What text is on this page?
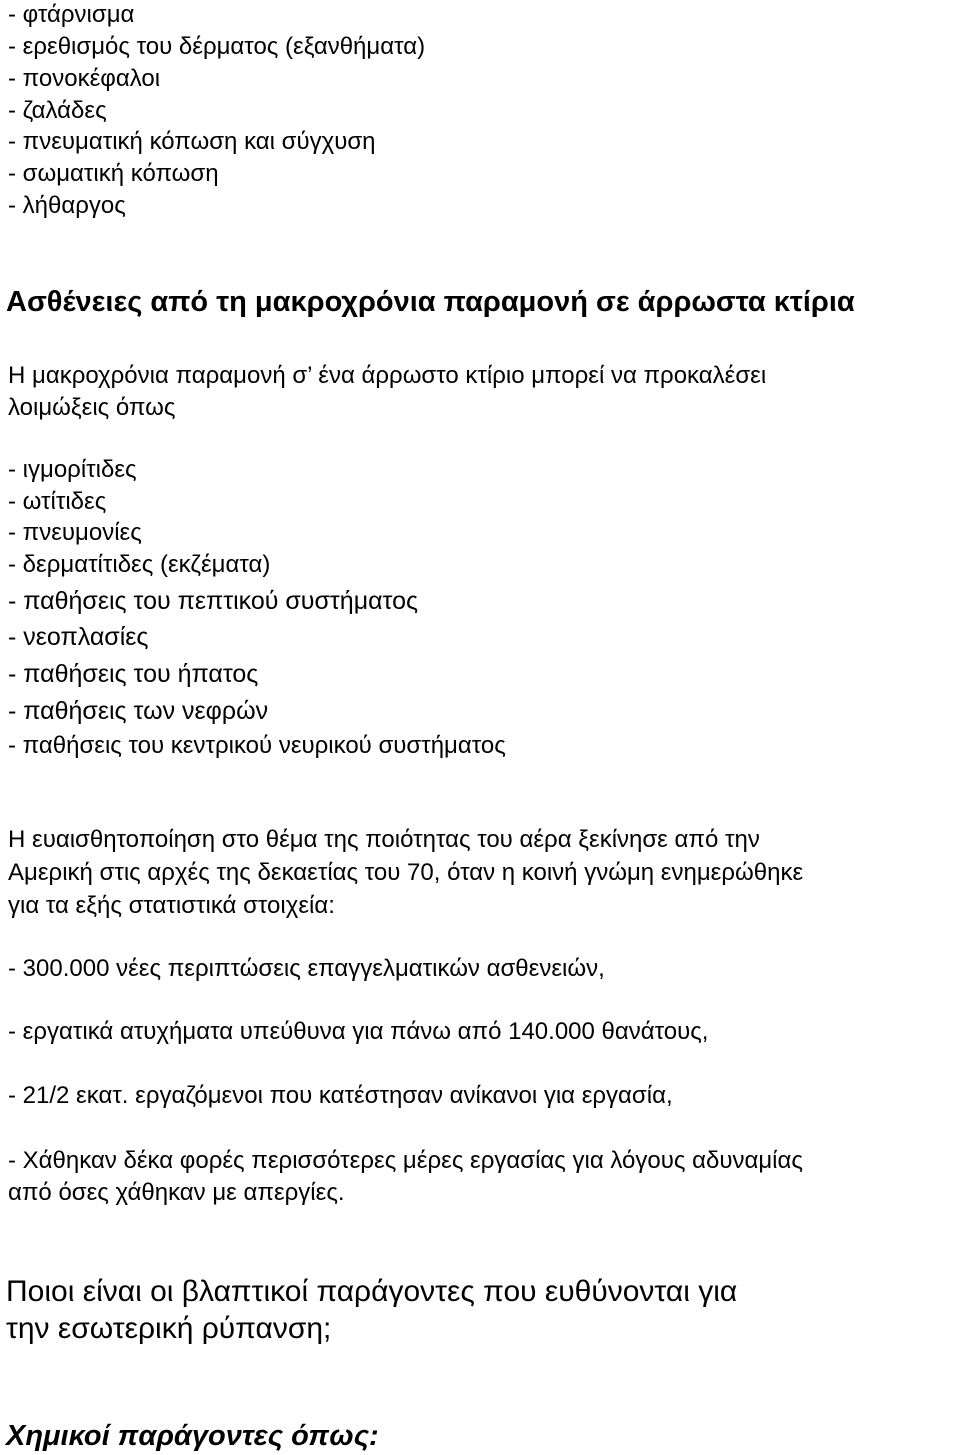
- φτάρνισμα
- ερεθισμός του δέρματος (εξανθήματα)
- πονοκέφαλοι
- ζαλάδες
- πνευματική κόπωση και σύγχυση
- σωματική κόπωση
- λήθαργος
Ασθένειες από τη μακροχρόνια παραμονή σε άρρωστα κτίρια
Η μακροχρόνια παραμονή σ’ ένα άρρωστο κτίριο μπορεί να προκαλέσει
λοιμώξεις όπως
- ιγμορίτιδες
- ωτίτιδες
- πνευμονίες
- δερματίτιδες (εκζέματα)
- παθήσεις του πεπτικού συστήματος
- νεοπλασίες
- παθήσεις του ήπατος
- παθήσεις των νεφρών
- παθήσεις του κεντρικού νευρικού συστήματος
Η ευαισθητοποίηση στο θέμα της ποιότητας του αέρα ξεκίνησε από την
Αμερική στις αρχές της δεκαετίας του 70, όταν η κοινή γνώμη ενημερώθηκε
για τα εξής στατιστικά στοιχεία:
- 300.000 νέες περιπτώσεις επαγγελματικών ασθενειών,
- εργατικά ατυχήματα υπεύθυνα για πάνω από 140.000 θανάτους,
- 21/2 εκατ. εργαζόμενοι που κατέστησαν ανίκανοι για εργασία,
- Χάθηκαν δέκα φορές περισσότερες μέρες εργασίας για λόγους αδυναμίας
από όσες χάθηκαν με απεργίες.
Ποιοι είναι οι βλαπτικοί παράγοντες που ευθύνονται για
την εσωτερική ρύπανση;
Χημικοί παράγοντες όπως:
